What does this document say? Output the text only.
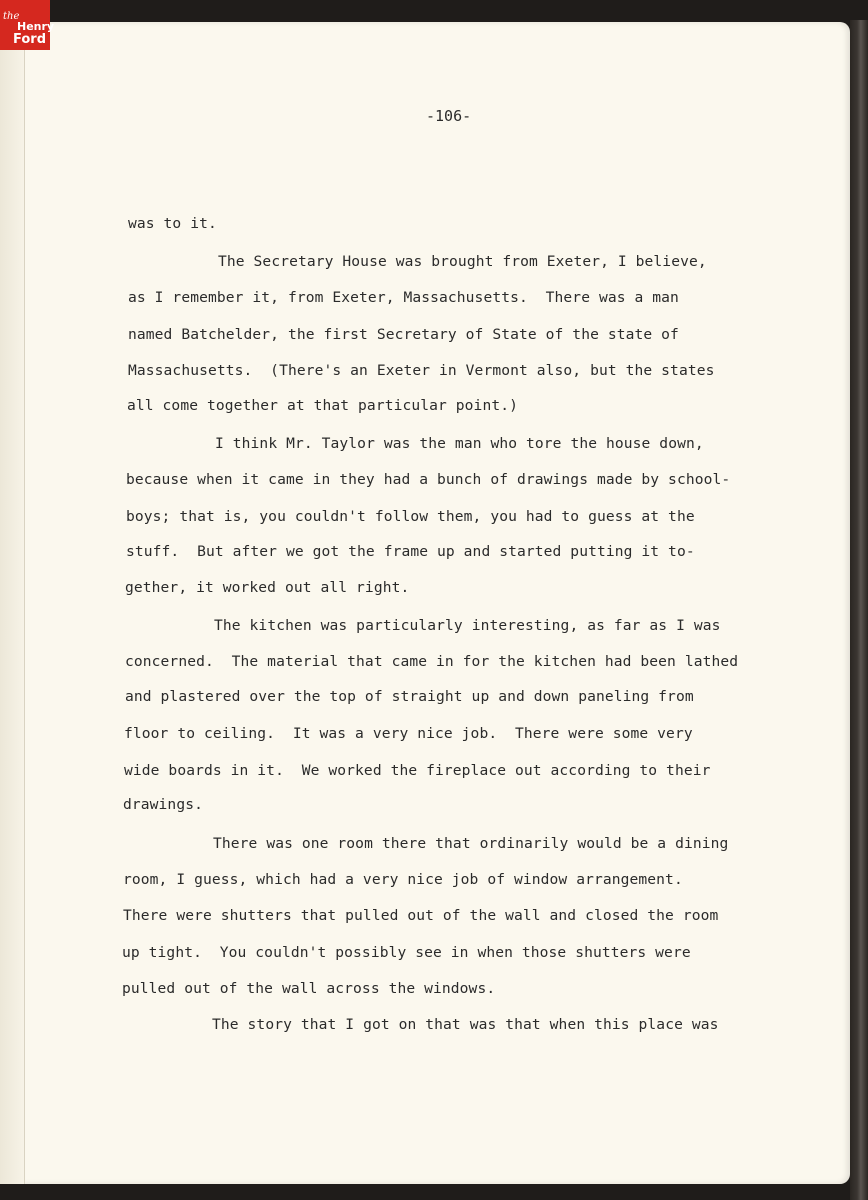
the
Henry
Ford
-106-
was to it.
The Secretary House was brought from Exeter, I believe,
as I remember it, from Exeter, Massachusetts.  There was a man
named Batchelder, the first Secretary of State of the state of
Massachusetts.  (There's an Exeter in Vermont also, but the states
all come together at that particular point.)
I think Mr. Taylor was the man who tore the house down,
because when it came in they had a bunch of drawings made by school-
boys; that is, you couldn't follow them, you had to guess at the
stuff.  But after we got the frame up and started putting it to-
gether, it worked out all right.
The kitchen was particularly interesting, as far as I was
concerned.  The material that came in for the kitchen had been lathed
and plastered over the top of straight up and down paneling from
floor to ceiling.  It was a very nice job.  There were some very
wide boards in it.  We worked the fireplace out according to their
drawings.
There was one room there that ordinarily would be a dining
room, I guess, which had a very nice job of window arrangement.
There were shutters that pulled out of the wall and closed the room
up tight.  You couldn't possibly see in when those shutters were
pulled out of the wall across the windows.
The story that I got on that was that when this place was
